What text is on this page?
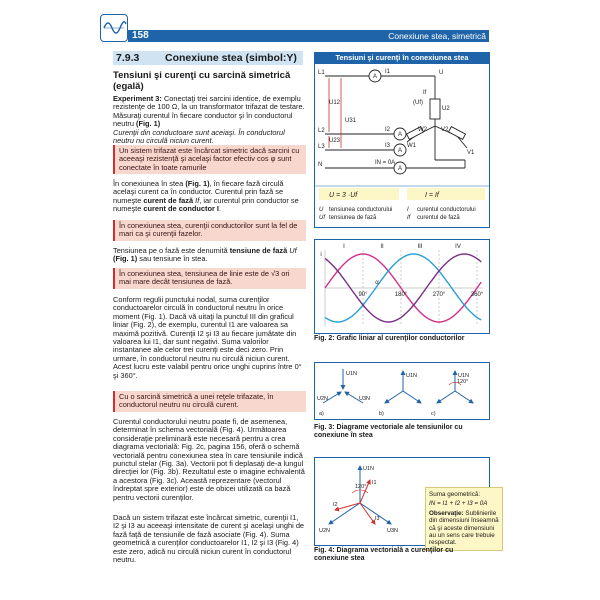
158	Conexiune stea, simetrică
7.9.3 Conexiune stea (simbol:Y)
Tensiuni şi curenţi cu sarcină simetrică (egală)
Experiment 3: Conectaţi trei sarcini identice, de exemplu rezistenţe de 100 Ω, la un transformator trifazat de testare. Măsuraţi curentul în fiecare conductor şi în conductorul neutru (Fig. 1)
Curenţii din conductoare sunt aceiaşi. În conductorul neutru nu circulă niciun curent.
Un sistem trifazat este încărcat simetric dacă sarcini cu aceeaşi rezistenţă şi acelaşi factor efectiv cos φ sunt conectate în toate ramurile
În conexiunea în stea (Fig. 1), în fiecare fază circulă acelaşi curent ca în conductor. Curentul prin fază se numeşte curent de fază If, iar curentul prin conductor se numeşte curent de conductor I.
În conexiunea stea, curenţii conductorilor sunt la fel de mari ca şi curenţii fazelor.
Tensiunea pe o fază este denumită tensiune de fază Uf (Fig. 1) sau tensiune în stea.
În conexiunea stea, tensiunea de linie este de √3 ori mai mare decât tensiunea de fază.
Conform regulii punctului nodal, suma curenţilor conductoarelor circulă în conductorul neutru în orice moment (Fig. 1). Dacă vă uitaţi la punctul III din graficul liniar (Fig. 2), de exemplu, curentul I1 are valoarea sa maximă pozitivă. Curenţii I2 şi I3 au fiecare jumătate din valoarea lui I1, dar sunt negativi. Suma valorilor instantanee ale celor trei curenţi este deci zero. Prin urmare, în conductorul neutru nu circulă niciun curent. Acest lucru este valabil pentru orice unghi cuprins între 0° şi 360°.
Cu o sarcină simetrică a unei reţele trifazate, în conductorul neutru nu circulă curent.
Curentul conductorului neutru poate fi, de asemenea, determinat în schema vectorială (Fig. 4). Următoarea consideraţie preliminară este necesară pentru a crea diagrama vectorială: Fig. 2c, pagina 156, oferă o schemă vectorială pentru conexiunea stea în care tensiunile indică punctul stelar (Fig. 3a). Vectorii pot fi deplasaţi de-a lungul direcţiei lor (Fig. 3b). Rezultatul este o imagine echivalentă a acestora (Fig. 3c). Această reprezentare (vectorul îndreptat spre exterior) este de obicei utilizată ca bază pentru vectorii curenţilor.
Dacă un sistem trifazat este încărcat simetric, curenţii I1, I2 şi I3 au aceeaşi intensitate de curent şi acelaşi unghi de fază faţă de tensiunile de fază asociate (Fig. 4). Suma geometrică a curenţilor conductoarelor I1, I2 şi I3 (Fig. 4) este zero, adică nu circulă niciun curent în conductorul neutru.
Tensiuni şi curenţi în conexiunea stea
A
A
A
A
L1
L2
L3
N
U
U2
V2
W2
V1
W1
I1
I2
I3
IN = 0A
U12
U23
U31
(Uf)
If
U = 3 ·Uf	I = If
U tensiunea conductorului
Uf tensiunea de fază
I curentul conductorului
If curentul de fază
I	II	III	IV
90°	180°	270°	360°
α
i
Fig. 2: Grafic liniar al curenţilor conductorilor
U1N
U2N	U3N
U1N	U1N
120°
a)	b)	c)
Fig. 3: Diagrame vectoriale ale tensiunilor cu conexiune în stea
120°
U1N
U2N	U3N
I1
I2
I3
Suma geometrică:
IN = I1 + I2 + I3 = 0A
Observaţie: Sublinierile din dimensiuni înseamnă că şi aceste dimensiuni au un sens care trebuie respectat.
Fig. 4: Diagrama vectorială a curenţilor cu conexiune stea
